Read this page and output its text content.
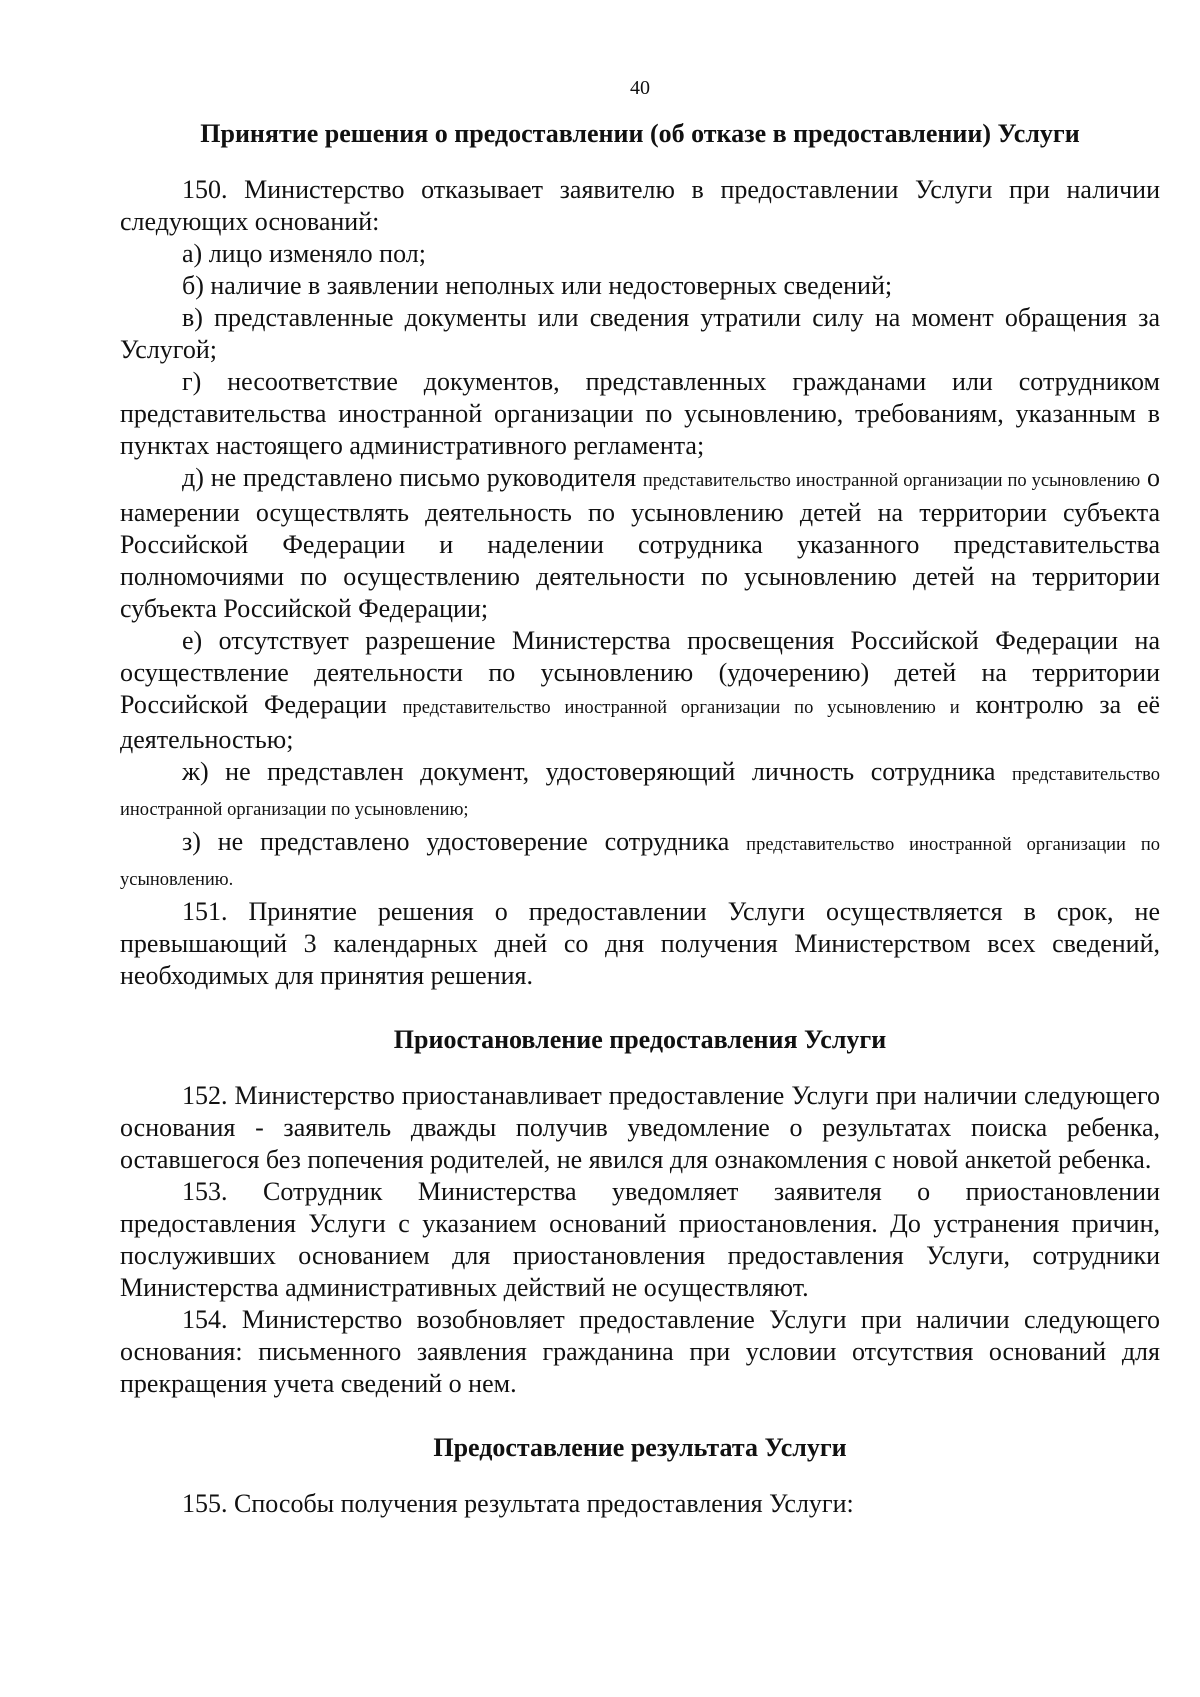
40
Принятие решения о предоставлении (об отказе в предоставлении) Услуги

150. Министерство отказывает заявителю в предоставлении Услуги при наличии следующих оснований:

а) лицо изменяло пол;

б) наличие в заявлении неполных или недостоверных сведений;

в) представленные документы или сведения утратили силу на момент обращения за Услугой;

г) несоответствие документов, представленных гражданами или сотрудником представительства иностранной организации по усыновлению, требованиям, указанным в пунктах настоящего административного регламента;

д) не представлено письмо руководителя представительство иностранной организации по усыновлению о намерении осуществлять деятельность по усыновлению детей на территории субъекта Российской Федерации и наделении сотрудника указанного представительства полномочиями по осуществлению деятельности по усыновлению детей на территории субъекта Российской Федерации;

е) отсутствует разрешение Министерства просвещения Российской Федерации на осуществление деятельности по усыновлению (удочерению) детей на территории Российской Федерации представительство иностранной организации по усыновлению и контролю за её деятельностью;

ж) не представлен документ, удостоверяющий личность сотрудника представительство иностранной организации по усыновлению;

з) не представлено удостоверение сотрудника представительство иностранной организации по усыновлению.

151. Принятие решения о предоставлении Услуги осуществляется в срок, не превышающий 3 календарных дней со дня получения Министерством всех сведений, необходимых для принятия решения.

Приостановление предоставления Услуги

152. Министерство приостанавливает предоставление Услуги при наличии следующего основания - заявитель дважды получив уведомление о результатах поиска ребенка, оставшегося без попечения родителей, не явился для ознакомления с новой анкетой ребенка.

153. Сотрудник Министерства уведомляет заявителя о приостановлении предоставления Услуги с указанием оснований приостановления. До устранения причин, послуживших основанием для приостановления предоставления Услуги, сотрудники Министерства административных действий не осуществляют.

154. Министерство возобновляет предоставление Услуги при наличии следующего основания: письменного заявления гражданина при условии отсутствия оснований для прекращения учета сведений о нем.

Предоставление результата Услуги

155. Способы получения результата предоставления Услуги:
